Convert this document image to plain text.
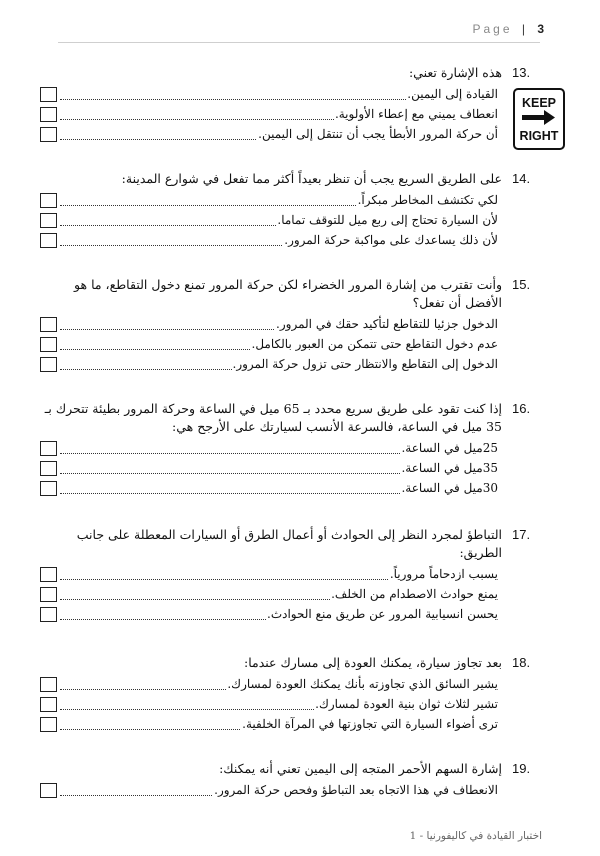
Page | 3
13.
هذه الإشارة تعني:
القيادة إلى اليمين.
انعطاف يميني مع إعطاء الأولوية.
أن حركة المرور الأبطأ يجب أن تنتقل إلى اليمين.
KEEP
RIGHT
14.
على الطريق السريع يجب أن تنظر بعيداً أكثر مما تفعل في شوارع المدينة:
لكي تكتشف المخاطر مبكراً.
لأن السيارة تحتاج إلى ربع ميل للتوقف تماما.
لأن ذلك يساعدك على مواكبة حركة المرور.
15.
وأنت تقترب من إشارة المرور الخضراء لكن حركة المرور تمنع دخول التقاطع، ما هو الأفضل أن تفعل؟
الدخول جزئيا للتقاطع لتأكيد حقك في المرور.
عدم دخول التقاطع حتى تتمكن من العبور بالكامل.
الدخول إلى التقاطع والانتظار حتى تزول حركة المرور.
16.
إذا كنت تقود على طريق سريع محدد بـ 65 ميل في الساعة وحركة المرور بطيئة تتحرك بـ 35 ميل في الساعة، فالسرعة الأنسب لسيارتك على الأرجح هي:
25ميل في الساعة.
35ميل في الساعة.
30ميل في الساعة.
17.
التباطؤ لمجرد النظر إلى الحوادث أو أعمال الطرق أو السيارات المعطلة على جانب الطريق:
يسبب ازدحاماً مرورياً.
يمنع حوادث الاصطدام من الخلف.
يحسن انسيابية المرور عن طريق منع الحوادث.
18.
بعد تجاوز سيارة، يمكنك العودة إلى مسارك عندما:
يشير السائق الذي تجاوزته بأنك يمكنك العودة لمسارك.
تشير لثلاث ثوان بنية العودة لمسارك.
ترى أضواء السيارة التي تجاوزتها في المرآة الخلفية.
19.
إشارة السهم الأحمر المتجه إلى اليمين تعني أنه يمكنك:
الانعطاف في هذا الاتجاه بعد التباطؤ وفحص حركة المرور.
اختبار القيادة في كاليفورنيا - 1
